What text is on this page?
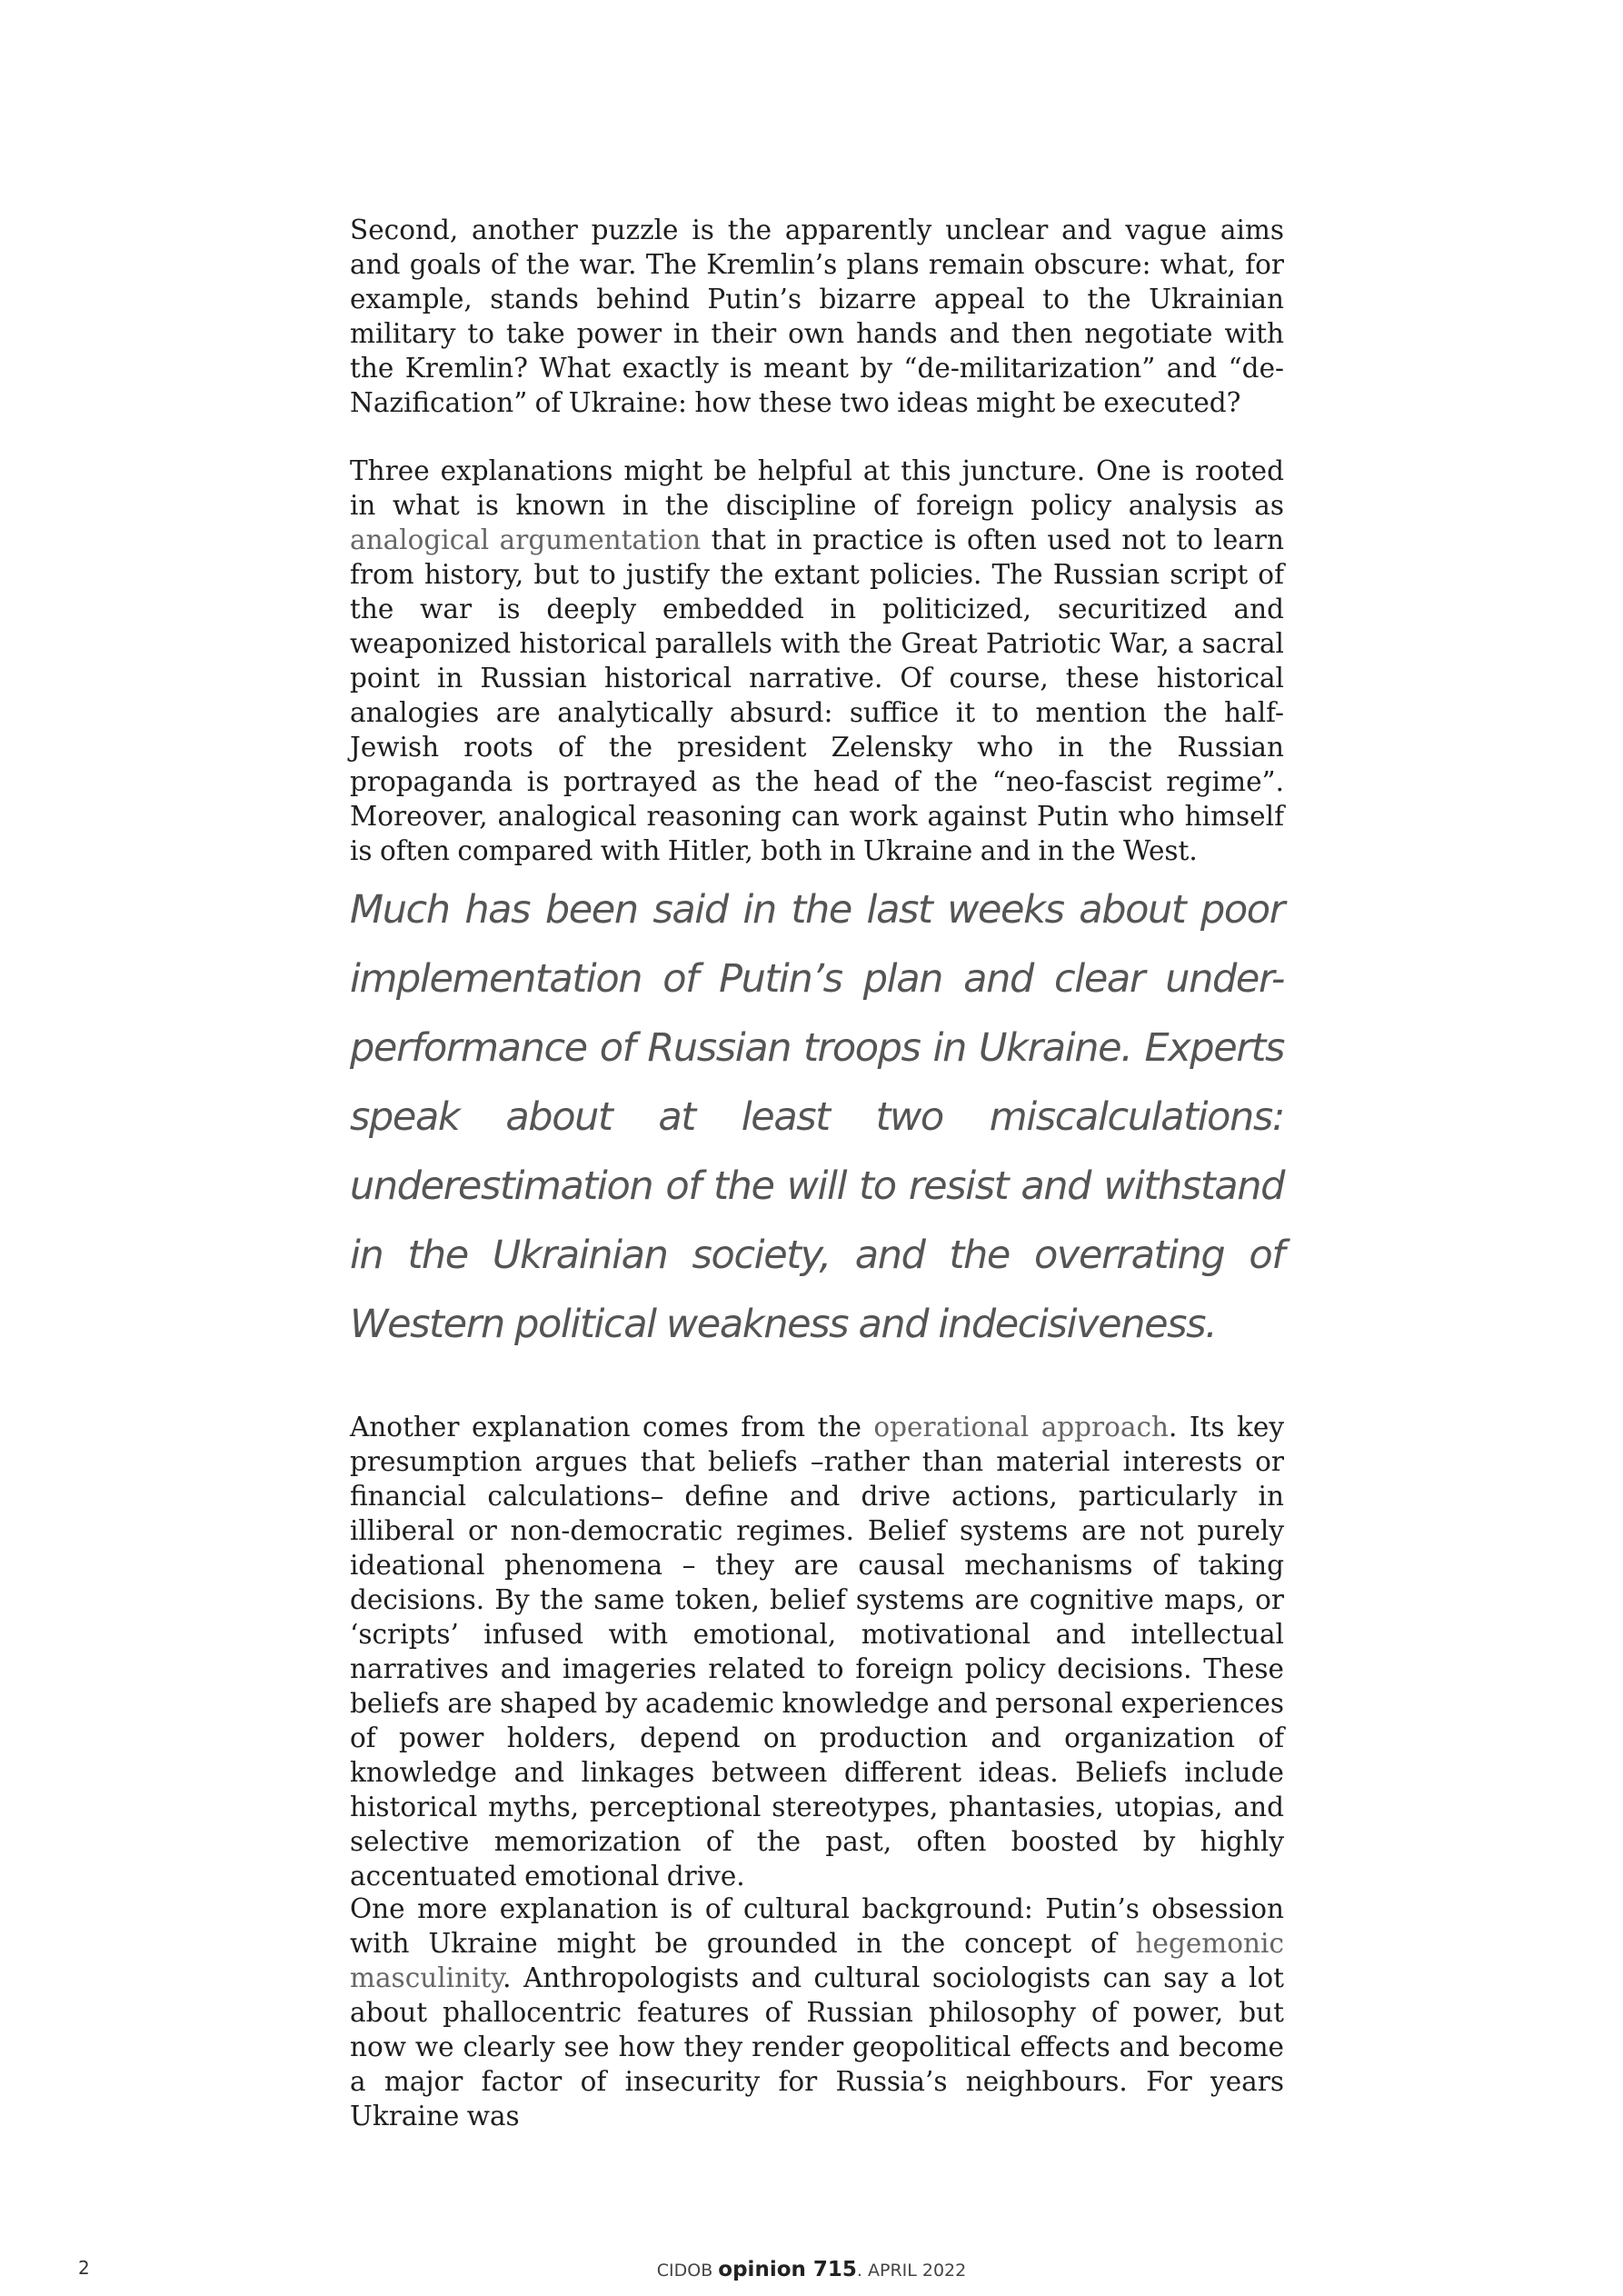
Second, another puzzle is the apparently unclear and vague aims and goals of the war. The Kremlin’s plans remain obscure: what, for example, stands behind Putin’s bizarre appeal to the Ukrainian military to take power in their own hands and then negotiate with the Kremlin? What exactly is meant by “de-militarization” and “de-Nazification” of Ukraine: how these two ideas might be executed?

Three explanations might be helpful at this juncture. One is rooted in what is known in the discipline of foreign policy analysis as analogical argumentation that in practice is often used not to learn from history, but to justify the extant policies. The Russian script of the war is deeply embedded in politicized, securitized and weaponized historical parallels with the Great Patriotic War, a sacral point in Russian historical narrative. Of course, these historical analogies are analytically absurd: suffice it to mention the half-Jewish roots of the president Zelensky who in the Russian propaganda is portrayed as the head of the “neo-fascist regime”. Moreover, analogical reasoning can work against Putin who himself is often compared with Hitler, both in Ukraine and in the West.

Much has been said in the last weeks about poor implementation of Putin’s plan and clear under-performance of Russian troops in Ukraine. Experts speak about at least two miscalculations: underestimation of the will to resist and withstand in the Ukrainian society, and the overrating of Western political weakness and indecisiveness.

Another explanation comes from the operational approach. Its key presumption argues that beliefs –rather than material interests or financial calculations– define and drive actions, particularly in illiberal or non-democratic regimes. Belief systems are not purely ideational phenomena – they are causal mechanisms of taking decisions. By the same token, belief systems are cognitive maps, or ‘scripts’ infused with emotional, motivational and intellectual narratives and imageries related to foreign policy decisions. These beliefs are shaped by academic knowledge and personal experiences of power holders, depend on production and organization of knowledge and linkages between different ideas. Beliefs include historical myths, perceptional stereotypes, phantasies, utopias, and selective memorization of the past, often boosted by highly accentuated emotional drive.

One more explanation is of cultural background: Putin’s obsession with Ukraine might be grounded in the concept of hegemonic masculinity. Anthropologists and cultural sociologists can say a lot about phallocentric features of Russian philosophy of power, but now we clearly see how they render geopolitical effects and become a major factor of insecurity for Russia’s neighbours. For years Ukraine was

2	CIDOB opinion 715. APRIL 2022
